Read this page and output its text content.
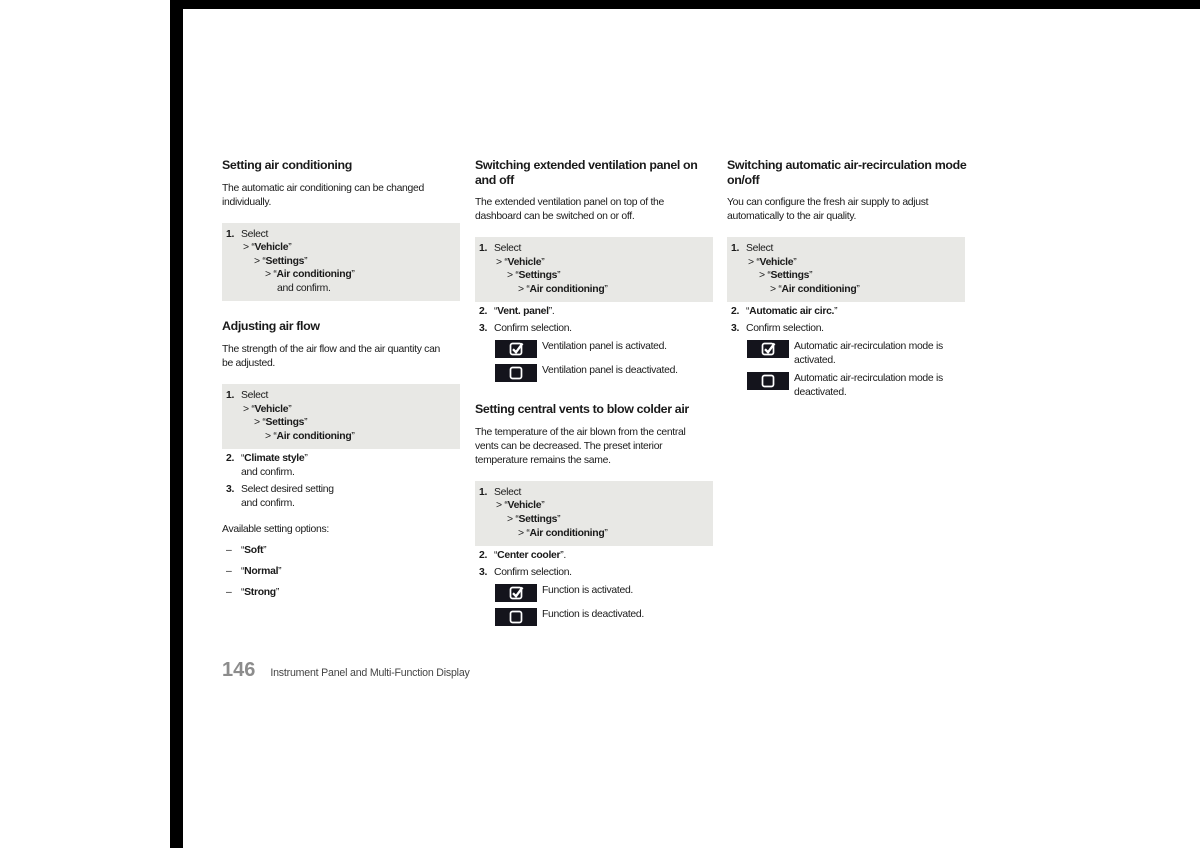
Setting air conditioning
The automatic air conditioning can be changed
individually.
1. Select
> “Vehicle”
> “Settings”
> “Air conditioning”
and confirm.
Adjusting air flow
The strength of the air flow and the air quantity can
be adjusted.
1. Select
> “Vehicle”
> “Settings”
> “Air conditioning”
2. “Climate style”
and confirm.
3. Select desired setting
and confirm.
Available setting options:
– “Soft”
– “Normal”
– “Strong”
Switching extended ventilation panel on
and off
The extended ventilation panel on top of the
dashboard can be switched on or off.
1. Select
> “Vehicle”
> “Settings”
> “Air conditioning”
2. “Vent. panel”.
3. Confirm selection.
Ventilation panel is activated.
Ventilation panel is deactivated.
Setting central vents to blow colder air
The temperature of the air blown from the central
vents can be decreased. The preset interior
temperature remains the same.
1. Select
> “Vehicle”
> “Settings”
> “Air conditioning”
2. “Center cooler”.
3. Confirm selection.
Function is activated.
Function is deactivated.
Switching automatic air-recirculation mode
on/off
You can configure the fresh air supply to adjust
automatically to the air quality.
1. Select
> “Vehicle”
> “Settings”
> “Air conditioning”
2. “Automatic air circ.”
3. Confirm selection.
Automatic air-recirculation mode is
activated.
Automatic air-recirculation mode is
deactivated.
146 Instrument Panel and Multi-Function Display
